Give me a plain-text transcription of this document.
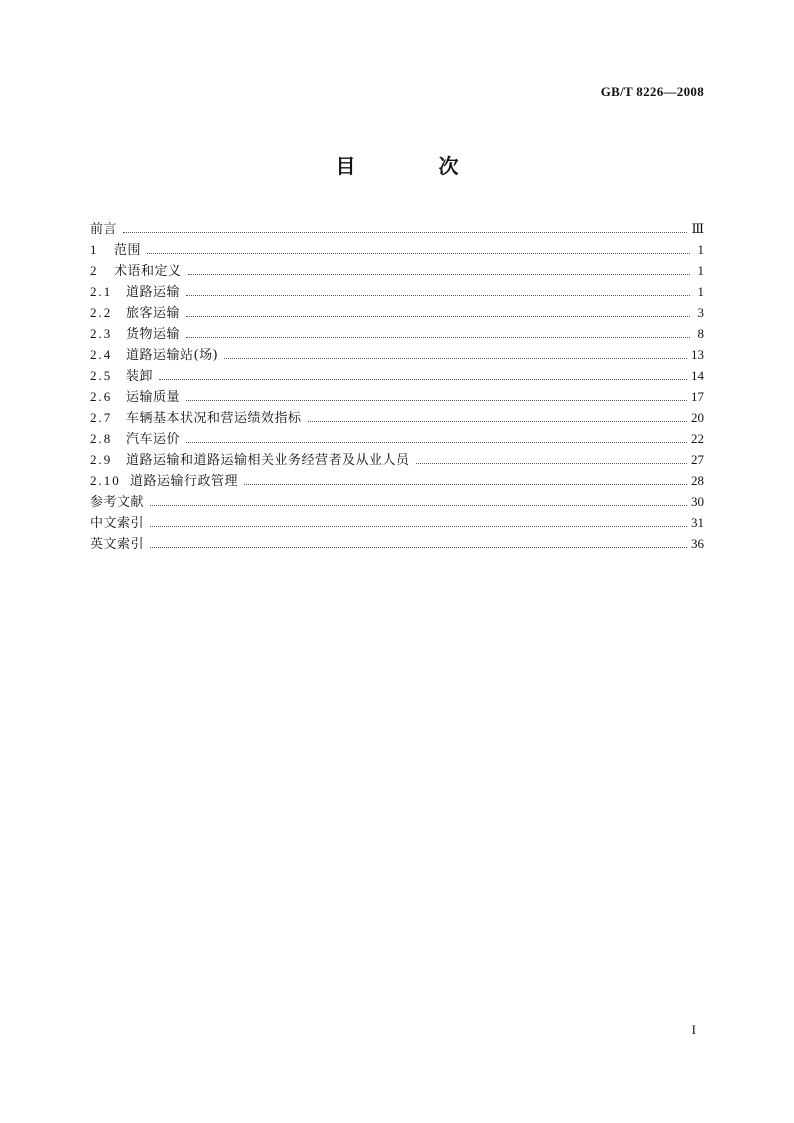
GB/T 8226—2008
目 次
前言	Ⅲ
1	范围	1
2	术语和定义	1
2.1	道路运输	1
2.2	旅客运输	3
2.3	货物运输	8
2.4	道路运输站(场)	13
2.5	装卸	14
2.6	运输质量	17
2.7	车辆基本状况和营运绩效指标	20
2.8	汽车运价	22
2.9	道路运输和道路运输相关业务经营者及从业人员	27
2.10 道路运输行政管理	28
参考文献	30
中文索引	31
英文索引	36
I
